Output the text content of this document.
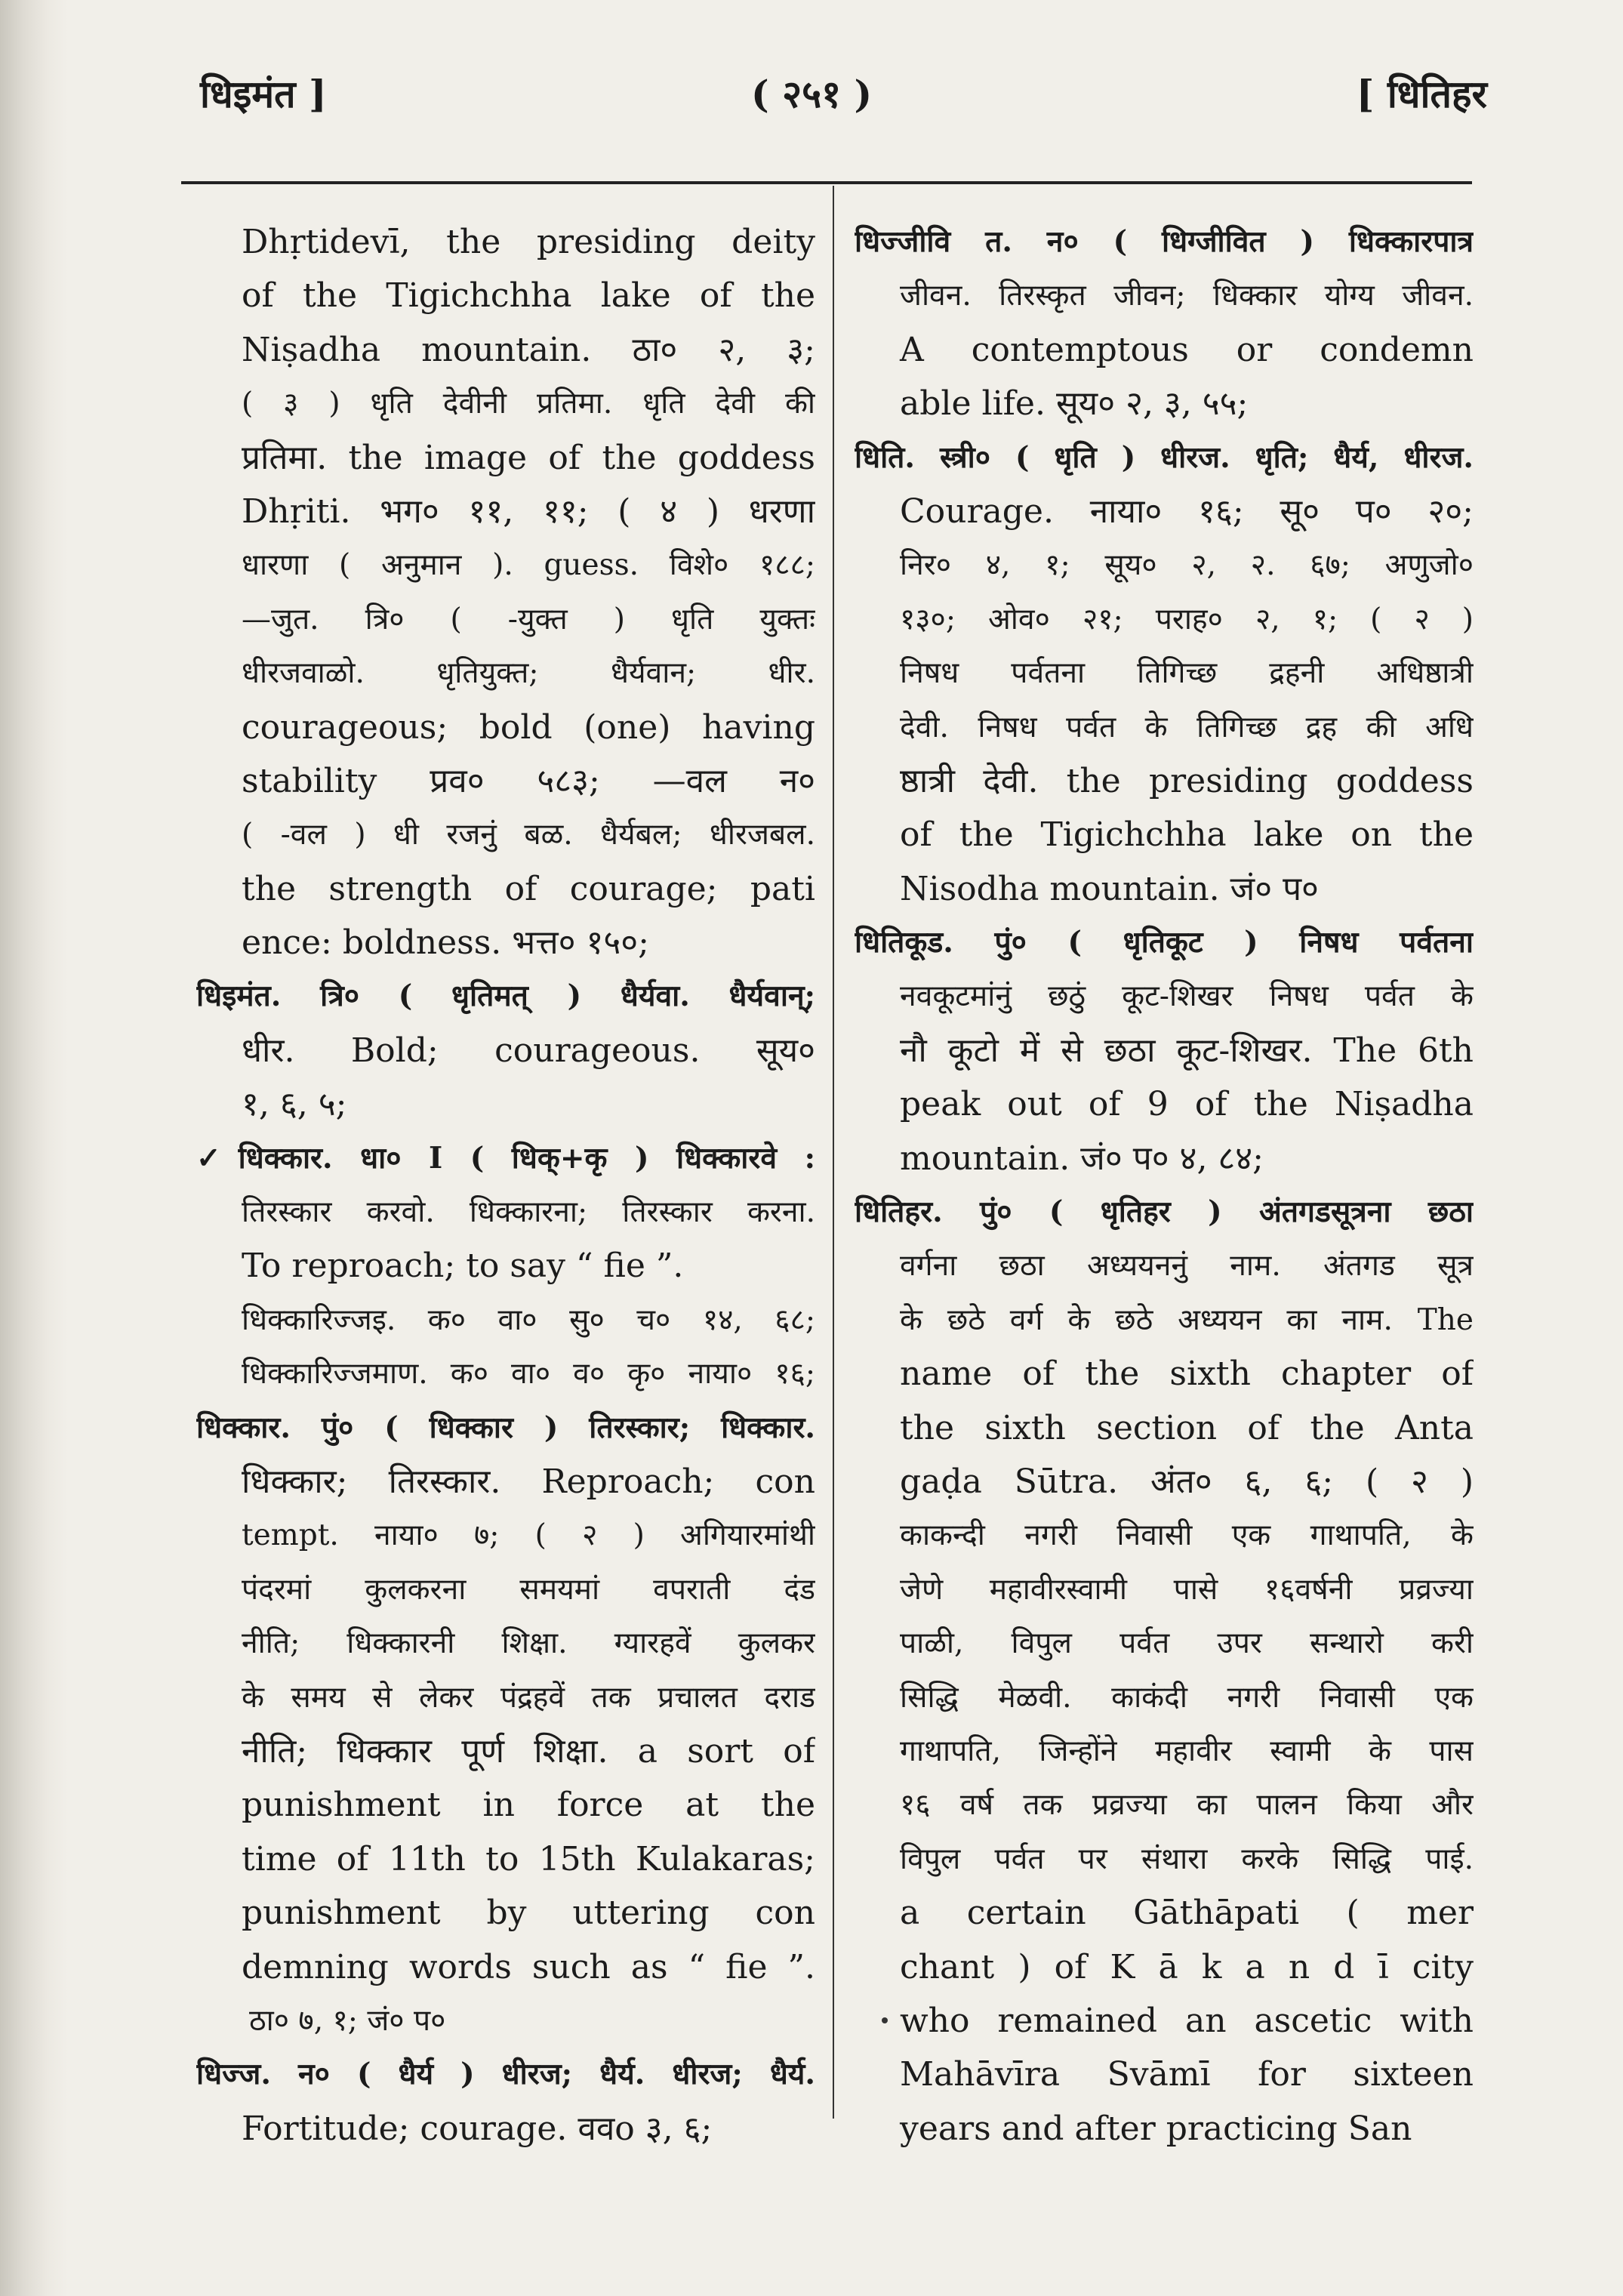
धिइमंत ]	( २५१ )	[ धितिहर
Dhṛtidevī, the presiding deity
of the Tigichchha lake of the
Niṣadha mountain. ठा० २, ३;
( ३ ) धृति देवीनी प्रतिमा. धृति देवी की
प्रतिमा. the image of the goddess
Dhṛiti. भग० ११, ११; ( ४ ) धरणा
धारणा ( अनुमान ). guess. विशे० १८८;
—जुत. त्रि० ( -युक्त ) धृति युक्तः
धीरजवाळो. धृतियुक्त; धैर्यवान; धीर.
courageous; bold (one) having
stability प्रव० ५८३; —वल न०
( -वल ) धी रजनुं बळ. धैर्यबल; धीरजबल.
the strength of courage; pati
ence: boldness. भत्त० १५०;
धिइमंत. त्रि० ( धृतिमत् ) धैर्यवा. धैर्यवान्;
धीर. Bold; courageous. सूय०
१, ६, ५;
✓धिक्कार. धा० I ( धिक्+कृ ) धिक्कारवे :
तिरस्कार करवो. धिक्कारना; तिरस्कार करना.
To reproach; to say “ fie ”.
धिक्कारिज्जइ. क० वा० सु० च० १४, ६८;
धिक्कारिज्जमाण. क० वा० व० कृ० नाया० १६;
धिक्कार. पुं० ( धिक्कार ) तिरस्कार; धिक्कार.
धिक्कार; तिरस्कार. Reproach; con
tempt. नाया० ७; ( २ ) अगियारमांथी
पंदरमां कुलकरना समयमां वपराती दंड
नीति; धिक्कारनी शिक्षा. ग्यारहवें कुलकर
के समय से लेकर पंद्रहवें तक प्रचालत दराड
नीति; धिक्कार पूर्ण शिक्षा. a sort of
punishment in force at the
time of 11th to 15th Kulakaras;
punishment by uttering con
demning words such as “ fie ”.
ठा० ७, १; जं० प०
धिज्ज. न० ( धैर्य ) धीरज; धैर्य. धीरज; धैर्य.
Fortitude; courage. ववo ३, ६;
धिज्जीवि त. न० ( धिग्जीवित ) धिक्कारपात्र
जीवन. तिरस्कृत जीवन; धिक्कार योग्य जीवन.
A contemptous or condemn
able life. सूय० २, ३, ५५;
धिति. स्त्री० ( धृति ) धीरज. धृति; धैर्य, धीरज.
Courage. नाया० १६; सू० प० २०;
निर० ४, १; सूय० २, २. ६७; अणुजो०
१३०; ओव० २१; पराह० २, १; ( २ )
निषध पर्वतना तिगिच्छ द्रहनी अधिष्ठात्री
देवी. निषध पर्वत के तिगिच्छ द्रह की अधि
ष्ठात्री देवी. the presiding goddess
of the Tigichchha lake on the
Nisodha mountain. जं० प०
धितिकूड. पुं० ( धृतिकूट ) निषध पर्वतना
नवकूटमांनुं छठुं कूट-शिखर निषध पर्वत के
नौ कूटो में से छठा कूट-शिखर. The 6th
peak out of 9 of the Niṣadha
mountain. जं० प० ४, ८४;
धितिहर. पुं० ( धृतिहर ) अंतगडसूत्रना छठा
वर्गना छठा अध्ययननुं नाम. अंतगड सूत्र
के छठे वर्ग के छठे अध्ययन का नाम. The
name of the sixth chapter of
the sixth section of the Anta
gaḍa Sūtra. अंत० ६, ६; ( २ )
काकन्दी नगरी निवासी एक गाथापति, के
जेणे महावीरस्वामी पासे १६वर्षनी प्रव्रज्या
पाळी, विपुल पर्वत उपर सन्थारो करी
सिद्धि मेळवी. काकंदी नगरी निवासी एक
गाथापति, जिन्होंने महावीर स्वामी के पास
१६ वर्ष तक प्रव्रज्या का पालन किया और
विपुल पर्वत पर संथारा करके सिद्धि पाई.
a certain Gāthāpati ( mer
chant ) of K ā k a n d ī city
who remained an ascetic with
Mahāvīra Svāmī for sixteen
years and after practicing San
